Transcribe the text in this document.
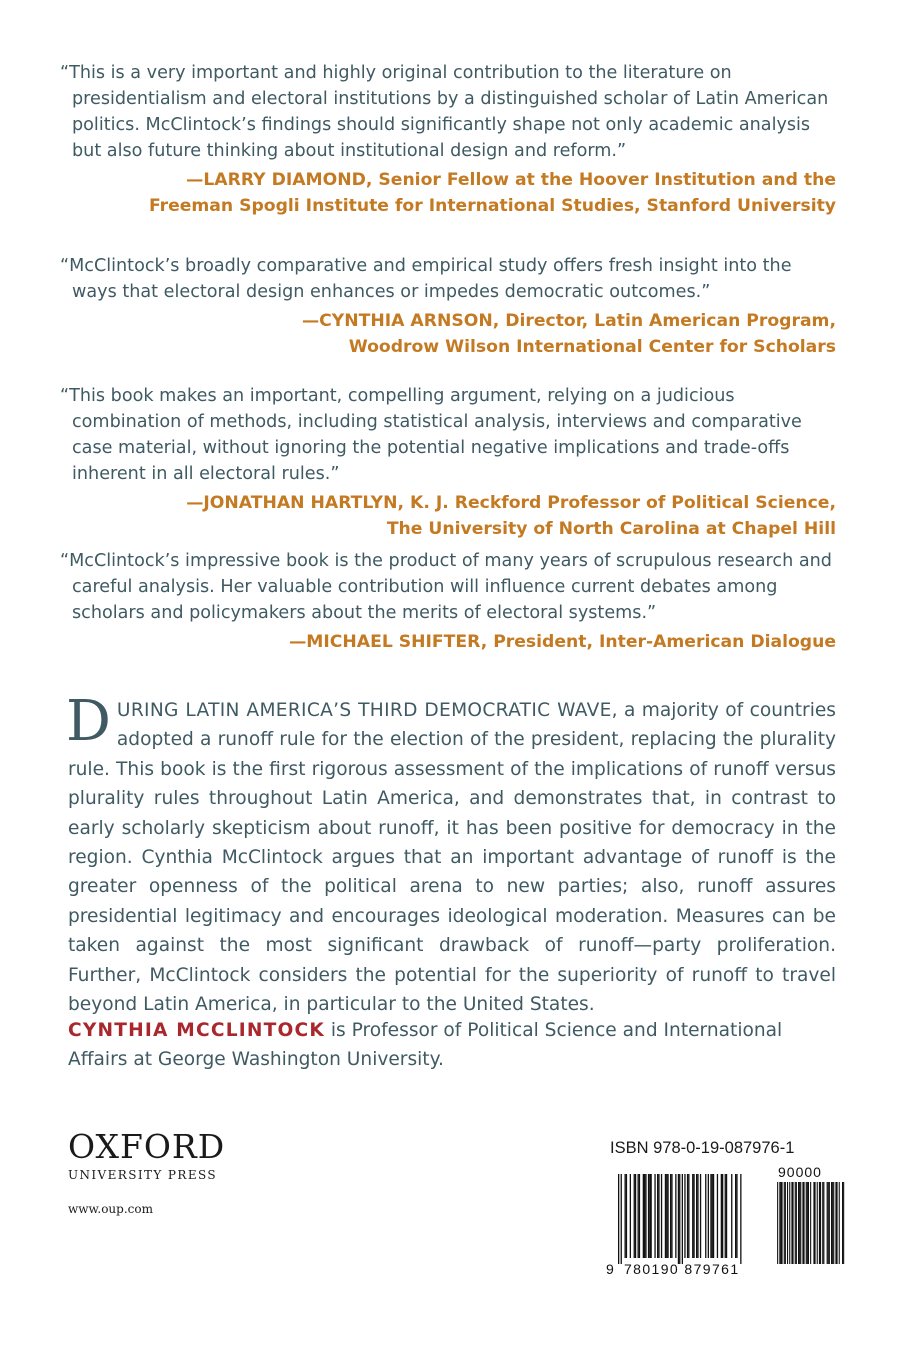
“This is a very important and highly original contribution to the literature on presidentialism and electoral institutions by a distinguished scholar of Latin American politics. McClintock’s findings should significantly shape not only academic analysis but also future thinking about institutional design and reform.”

—LARRY DIAMOND, Senior Fellow at the Hoover Institution and the
Freeman Spogli Institute for International Studies, Stanford University

“McClintock’s broadly comparative and empirical study offers fresh insight into the ways that electoral design enhances or impedes democratic outcomes.”

—CYNTHIA ARNSON, Director, Latin American Program,
Woodrow Wilson International Center for Scholars

“This book makes an important, compelling argument, relying on a judicious combination of methods, including statistical analysis, interviews and comparative case material, without ignoring the potential negative implications and trade-offs inherent in all electoral rules.”

—JONATHAN HARTLYN, K. J. Reckford Professor of Political Science,
The University of North Carolina at Chapel Hill

“McClintock’s impressive book is the product of many years of scrupulous research and careful analysis. Her valuable contribution will influence current debates among scholars and policymakers about the merits of electoral systems.”

—MICHAEL SHIFTER, President, Inter-American Dialogue
DURING LATIN AMERICA’S THIRD DEMOCRATIC WAVE, a majority of countries adopted a runoff rule for the election of the president, replacing the plurality rule. This book is the first rigorous assessment of the implications of runoff versus plurality rules throughout Latin America, and demonstrates that, in contrast to early scholarly skepticism about runoff, it has been positive for democracy in the region. Cynthia McClintock argues that an important advantage of runoff is the greater openness of the political arena to new parties; also, runoff assures presidential legitimacy and encourages ideological moderation. Measures can be taken against the most significant drawback of runoff—party proliferation. Further, McClintock considers the potential for the superiority of runoff to travel beyond Latin America, in particular to the United States.
CYNTHIA MCCLINTOCK is Professor of Political Science and International Affairs at George Washington University.
OXFORD
UNIVERSITY PRESS
www.oup.com
ISBN 978-0-19-087976-1
90000
9 780190 879761
